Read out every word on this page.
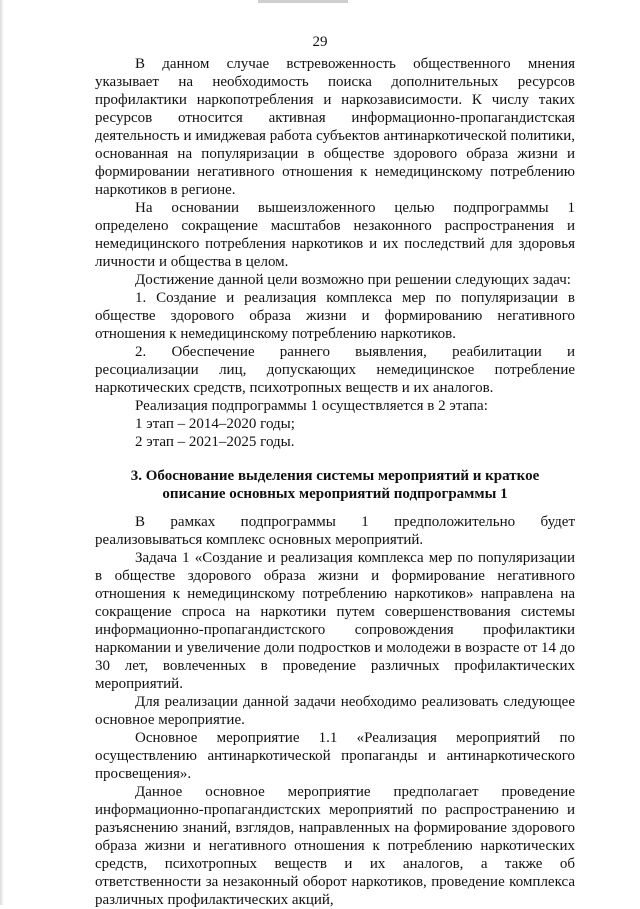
29

В данном случае встревоженность общественного мнения указывает на необходимость поиска дополнительных ресурсов профилактики наркопотребления и наркозависимости. К числу таких ресурсов относится активная информационно-пропагандистская деятельность и имиджевая работа субъектов антинаркотической политики, основанная на популяризации в обществе здорового образа жизни и формировании негативного отношения к немедицинскому потреблению наркотиков в регионе.

На основании вышеизложенного целью подпрограммы 1 определено сокращение масштабов незаконного распространения и немедицинского потребления наркотиков и их последствий для здоровья личности и общества в целом.

Достижение данной цели возможно при решении следующих задач:

1. Создание и реализация комплекса мер по популяризации в обществе здорового образа жизни и формированию негативного отношения к немедицинскому потреблению наркотиков.

2. Обеспечение раннего выявления, реабилитации и ресоциализации лиц, допускающих немедицинское потребление наркотических средств, психотропных веществ и их аналогов.

Реализация подпрограммы 1 осуществляется в 2 этапа:

1 этап – 2014–2020 годы;

2 этап – 2021–2025 годы.

3. Обоснование выделения системы мероприятий и краткое
описание основных мероприятий подпрограммы 1

В рамках подпрограммы 1 предположительно будет реализовываться комплекс основных мероприятий.

Задача 1 «Создание и реализация комплекса мер по популяризации в обществе здорового образа жизни и формирование негативного отношения к немедицинскому потреблению наркотиков» направлена на сокращение спроса на наркотики путем совершенствования системы информационно-пропагандистского сопровождения профилактики наркомании и увеличение доли подростков и молодежи в возрасте от 14 до 30 лет, вовлеченных в проведение различных профилактических мероприятий.

Для реализации данной задачи необходимо реализовать следующее основное мероприятие.

Основное мероприятие 1.1 «Реализация мероприятий по осуществлению антинаркотической пропаганды и антинаркотического просвещения».

Данное основное мероприятие предполагает проведение информационно-пропагандистских мероприятий по распространению и разъяснению знаний, взглядов, направленных на формирование здорового образа жизни и негативного отношения к потреблению наркотических средств, психотропных веществ и их аналогов, а также об ответственности за незаконный оборот наркотиков, проведение комплекса различных профилактических акций,
